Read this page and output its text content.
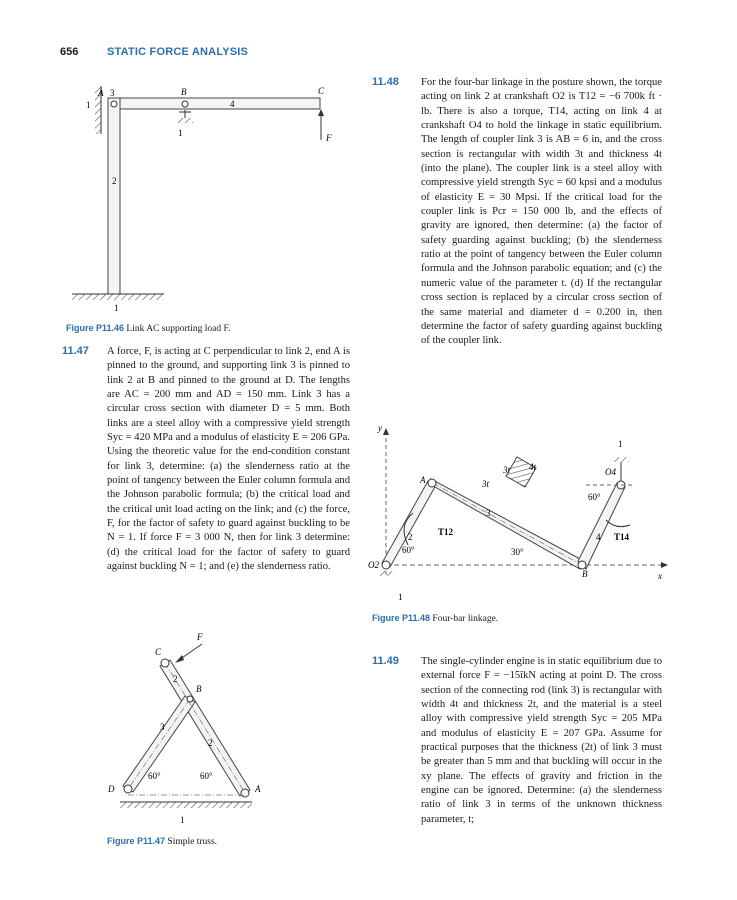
656	STATIC FORCE ANALYSIS
A 3
1
B
4
C
1	F
2
1
Figure P11.46 Link AC supporting load F.
11.47 A force, F, is acting at C perpendicular to link 2, end A is pinned to the ground, and supporting link 3 is pinned to link 2 at B and pinned to the ground at D. The lengths are AC = 200 mm and AD = 150 mm. Link 3 has a circular cross section with diameter D = 5 mm. Both links are a steel alloy with a compressive yield strength Syc = 420 MPa and a modulus of elasticity E = 206 GPa. Using the theoretic value for the end-condition constant for link 3, determine: (a) the slenderness ratio at the point of tangency between the Euler column formula and the Johnson parabolic formula; (b) the critical load and the critical unit load acting on the link; and (c) the force, F, for the factor of safety to guard against buckling to be N = 1. If force F = 3 000 N, then for link 3 determine: (d) the critical load for the factor of safety to guard against buckling N = 1; and (e) the slenderness ratio.
F
C
2
B
3
2
60°	60°
D	A
1
Figure P11.47 Simple truss.
11.48 For the four-bar linkage in the posture shown, the torque acting on link 2 at crankshaft O2 is T12 = −6 700k ft · lb. There is also a torque, T14, acting on link 4 at crankshaft O4 to hold the linkage in static equilibrium. The length of coupler link 3 is AB = 6 in, and the cross section is rectangular with width 3t and thickness 4t (into the plane). The coupler link is a steel alloy with compressive yield strength Syc = 60 kpsi and a modulus of elasticity E = 30 Mpsi. If the critical load for the coupler link is Pcr = 150 000 lb, and the effects of gravity are ignored, then determine: (a) the factor of safety guarding against buckling; (b) the slenderness ratio at the point of tangency between the Euler column formula and the Johnson parabolic equation; and (c) the numeric value of the parameter t. (d) If the rectangular cross section is replaced by a circular cross section of the same material and diameter d = 0.200 in, then determine the factor of safety guarding against buckling of the coupler link.
y
x
O2
A
B
O4
2
3
4
1
1
T12	T14
60°	30°
60°
3t
3t
4t
Figure P11.48 Four-bar linkage.
11.49 The single-cylinder engine is in static equilibrium due to external force F = −15îkN acting at point D. The cross section of the connecting rod (link 3) is rectangular with width 4t and thickness 2t, and the material is a steel alloy with compressive yield strength Syc = 205 MPa and modulus of elasticity E = 207 GPa. Assume for practical purposes that the thickness (2t) of link 3 must be greater than 5 mm and that buckling will occur in the xy plane. The effects of gravity and friction in the engine can be ignored. Determine: (a) the slenderness ratio of link 3 in terms of the unknown thickness parameter, t;
